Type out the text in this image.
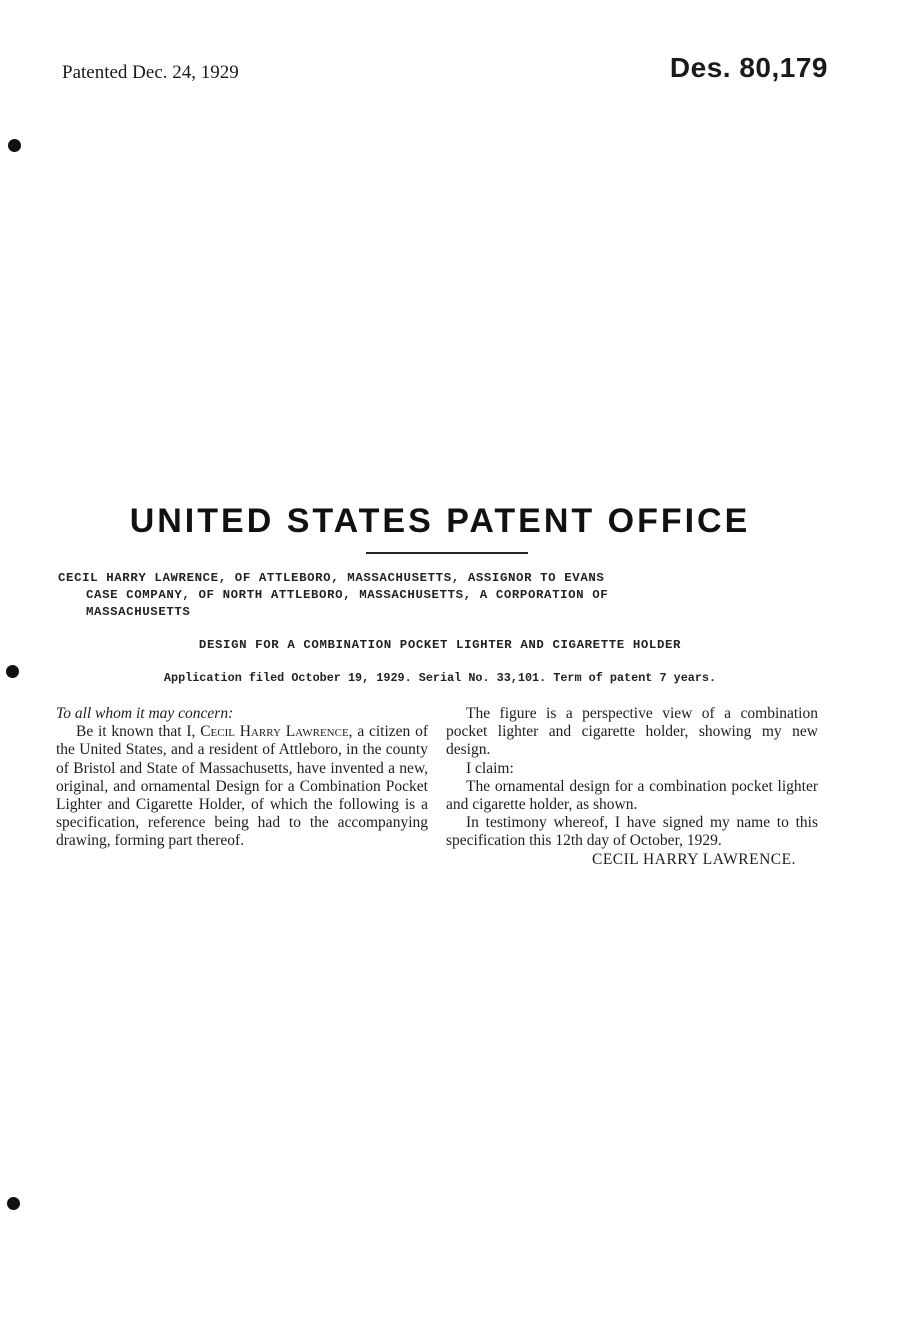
Patented Dec. 24, 1929	Des. 80,179
UNITED STATES PATENT OFFICE
CECIL HARRY LAWRENCE, OF ATTLEBORO, MASSACHUSETTS, ASSIGNOR TO EVANS
CASE COMPANY, OF NORTH ATTLEBORO, MASSACHUSETTS, A CORPORATION OF
MASSACHUSETTS
DESIGN FOR A COMBINATION POCKET LIGHTER AND CIGARETTE HOLDER
Application filed October 19, 1929. Serial No. 33,101. Term of patent 7 years.

To all whom it may concern:

Be it known that I, Cecil Harry Lawrence, a citizen of the United States, and a resident of Attleboro, in the county of Bristol and State of Massachusetts, have invented a new, original, and ornamental Design for a Combination Pocket Lighter and Cigarette Holder, of which the following is a specification, reference being had to the accompanying drawing, forming part thereof.

The figure is a perspective view of a combination pocket lighter and cigarette holder, showing my new design.

I claim:

The ornamental design for a combination pocket lighter and cigarette holder, as shown.

In testimony whereof, I have signed my name to this specification this 12th day of October, 1929.

CECIL HARRY LAWRENCE.
